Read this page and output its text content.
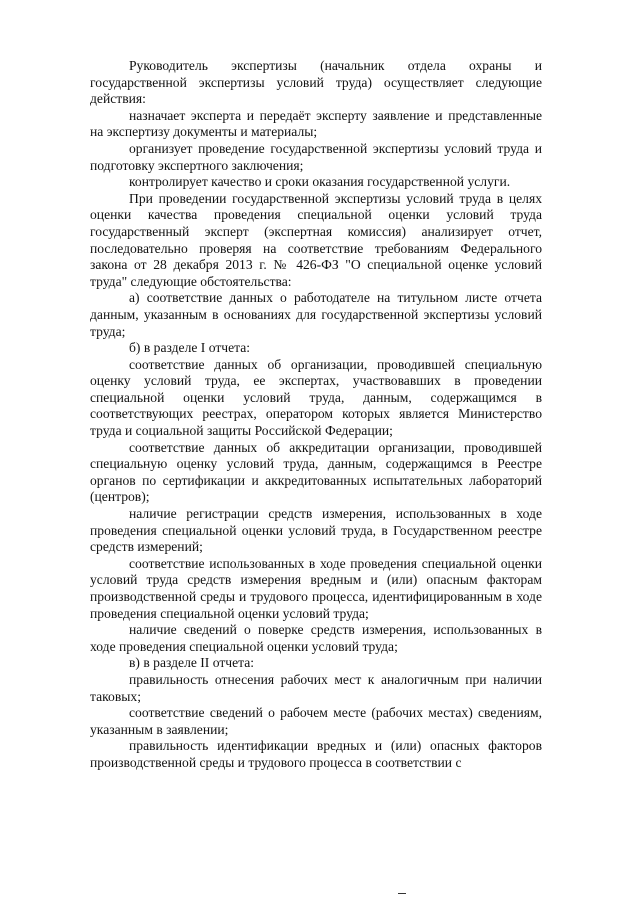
Руководитель экспертизы (начальник отдела охраны и государственной экспертизы условий труда) осуществляет следующие действия:

назначает эксперта и передаёт эксперту заявление и представленные на экспертизу документы и материалы;

организует проведение государственной экспертизы условий труда и подготовку экспертного заключения;

контролирует качество и сроки оказания государственной услуги.

При проведении государственной экспертизы условий труда в целях оценки качества проведения специальной оценки условий труда государственный эксперт (экспертная комиссия) анализирует отчет, последовательно проверяя на соответствие требованиям Федерального закона от 28 декабря 2013 г. № 426-ФЗ "О специальной оценке условий труда" следующие обстоятельства:

а) соответствие данных о работодателе на титульном листе отчета данным, указанным в основаниях для государственной экспертизы условий труда;

б) в разделе I отчета:

соответствие данных об организации, проводившей специальную оценку условий труда, ее экспертах, участвовавших в проведении специальной оценки условий труда, данным, содержащимся в соответствующих реестрах, оператором которых является Министерство труда и социальной защиты Российской Федерации;

соответствие данных об аккредитации организации, проводившей специальную оценку условий труда, данным, содержащимся в Реестре органов по сертификации и аккредитованных испытательных лабораторий (центров);

наличие регистрации средств измерения, использованных в ходе проведения специальной оценки условий труда, в Государственном реестре средств измерений;

соответствие использованных в ходе проведения специальной оценки условий труда средств измерения вредным и (или) опасным факторам производственной среды и трудового процесса, идентифицированным в ходе проведения специальной оценки условий труда;

наличие сведений о поверке средств измерения, использованных в ходе проведения специальной оценки условий труда;

в) в разделе II отчета:

правильность отнесения рабочих мест к аналогичным при наличии таковых;

соответствие сведений о рабочем месте (рабочих местах) сведениям, указанным в заявлении;

правильность идентификации вредных и (или) опасных факторов производственной среды и трудового процесса в соответствии с
